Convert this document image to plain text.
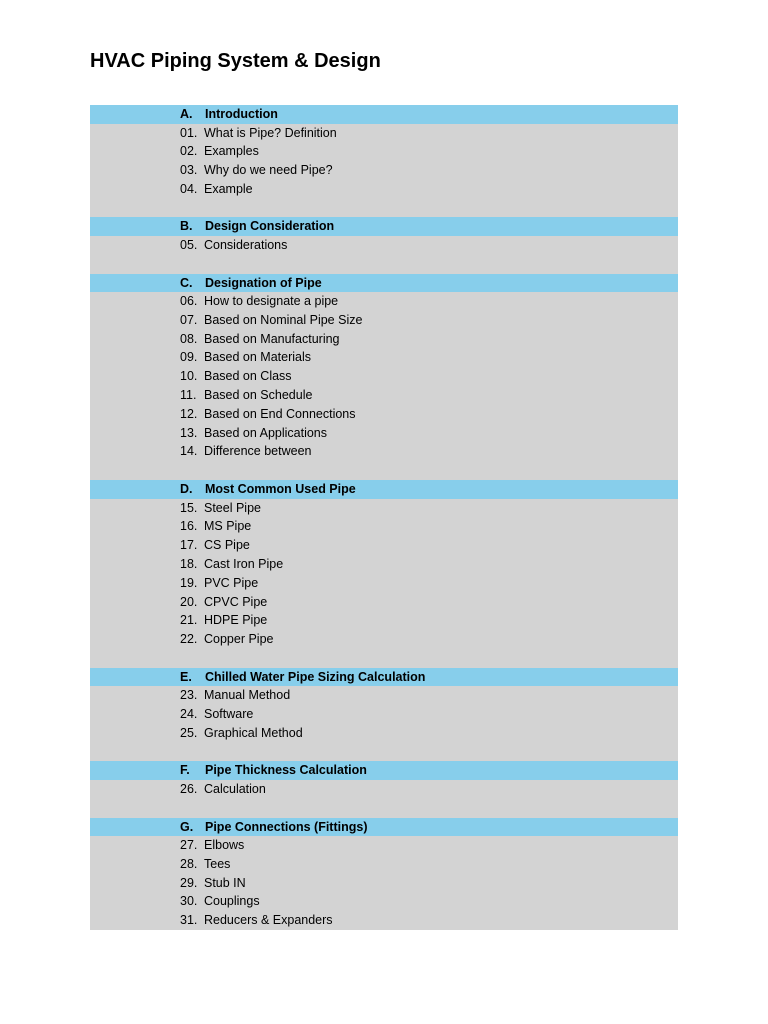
HVAC Piping System & Design
A. Introduction
01. What is Pipe? Definition
02. Examples
03. Why do we need Pipe?
04. Example
B. Design Consideration
05. Considerations
C. Designation of Pipe
06. How to designate a pipe
07. Based on Nominal Pipe Size
08. Based on Manufacturing
09. Based on Materials
10. Based on Class
11. Based on Schedule
12. Based on End Connections
13. Based on Applications
14. Difference between
D. Most Common Used Pipe
15. Steel Pipe
16. MS Pipe
17. CS Pipe
18. Cast Iron Pipe
19. PVC Pipe
20. CPVC Pipe
21. HDPE Pipe
22. Copper Pipe
E. Chilled Water Pipe Sizing Calculation
23. Manual Method
24. Software
25. Graphical Method
F. Pipe Thickness Calculation
26. Calculation
G. Pipe Connections (Fittings)
27. Elbows
28. Tees
29. Stub IN
30. Couplings
31. Reducers & Expanders
